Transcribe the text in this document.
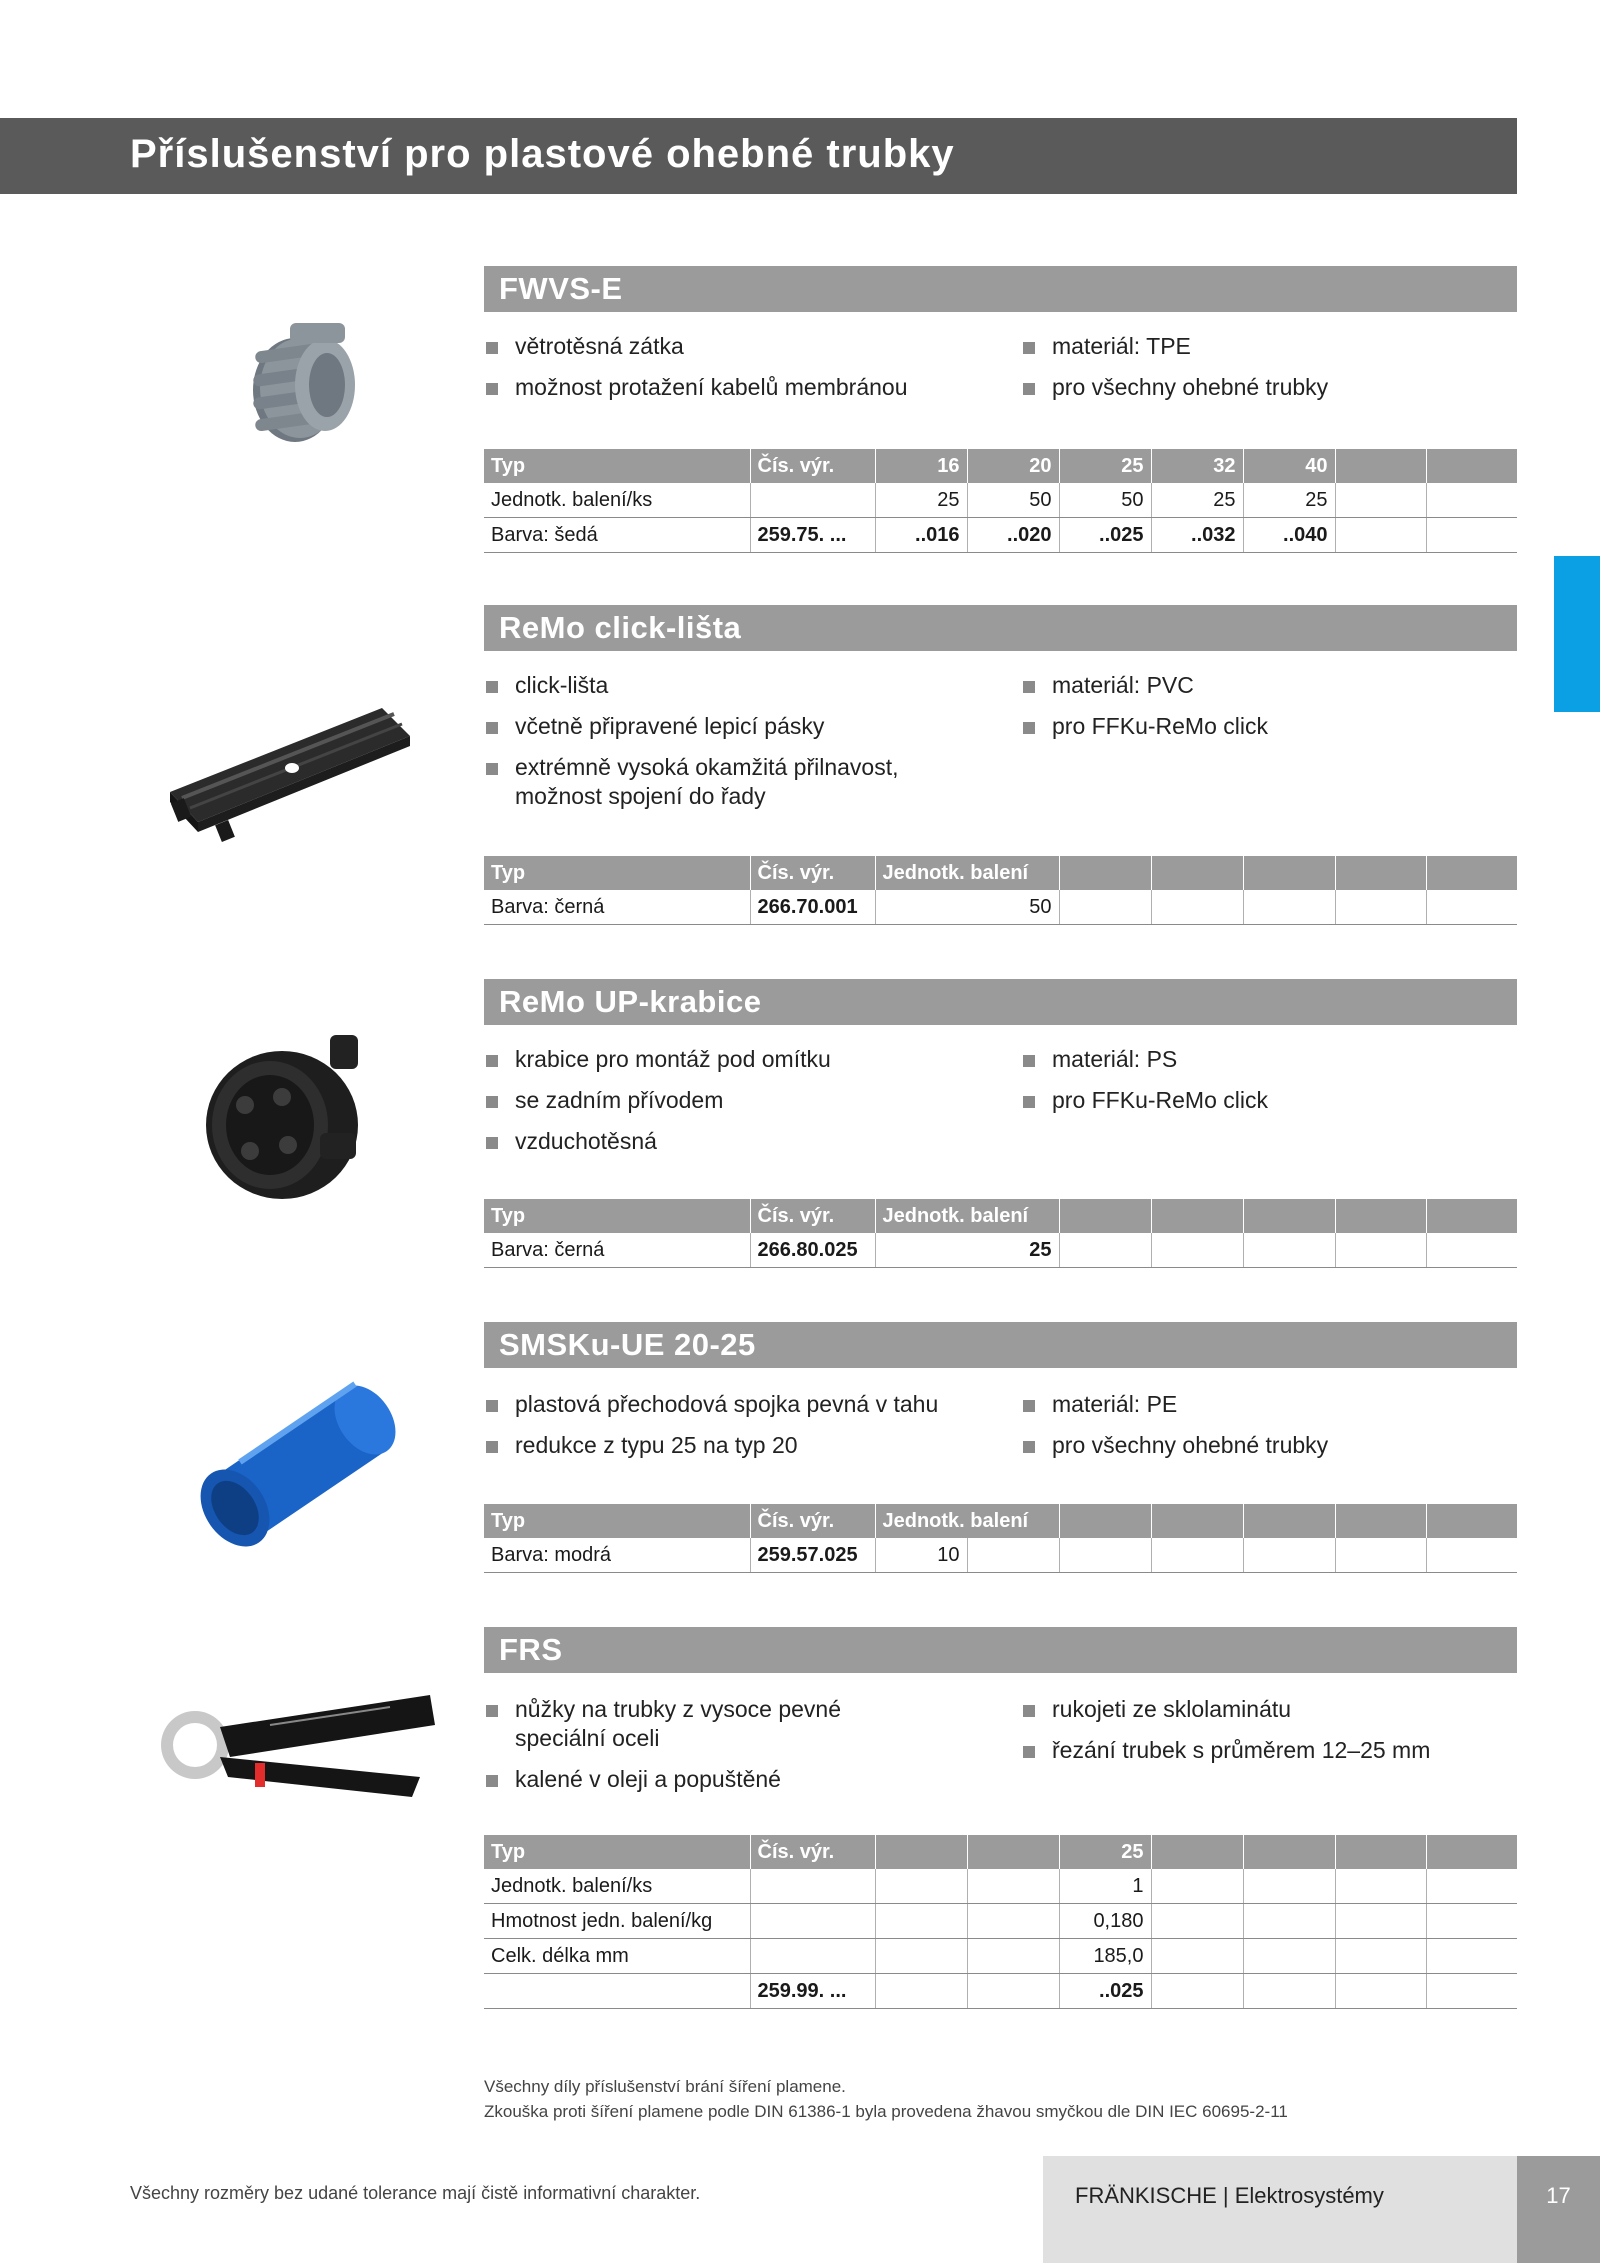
Příslušenství pro plastové ohebné trubky
FWVS-E
větrotěsná zátka
možnost protažení kabelů membránou
materiál: TPE
pro všechny ohebné trubky
Typ	Čís. výr.	16	20	25	32	40		
Jednotk. balení/ks		25	50	50	25	25		
Barva: šedá	259.75. ...	..016	..020	..025	..032	..040		
ReMo click-lišta
click-lišta
včetně připravené lepicí pásky
extrémně vysoká okamžitá přilnavost, možnost spojení do řady
materiál: PVC
pro FFKu-ReMo click
Typ	Čís. výr.	Jednotk. balení					
Barva: černá	266.70.001	50					
ReMo UP-krabice
krabice pro montáž pod omítku
se zadním přívodem
vzduchotěsná
materiál: PS
pro FFKu-ReMo click
Typ	Čís. výr.	Jednotk. balení					
Barva: černá	266.80.025	25					
SMSKu-UE 20-25
plastová přechodová spojka pevná v tahu
redukce z typu 25 na typ 20
materiál: PE
pro všechny ohebné trubky
Typ	Čís. výr.	Jednotk. balení						
Barva: modrá	259.57.025	10						
FRS
nůžky na trubky z vysoce pevné speciální oceli
kalené v oleji a popuštěné
rukojeti ze sklolaminátu
řezání trubek s průměrem 12–25 mm
Typ	Čís. výr.			25				
Jednotk. balení/ks				1				
Hmotnost jedn. balení/kg				0,180				
Celk. délka mm				185,0				
	259.99. ...			..025				
Všechny díly příslušenství brání šíření plamene.
Zkouška proti šíření plamene podle DIN 61386-1 byla provedena žhavou smyčkou dle DIN IEC 60695-2-11
Všechny rozměry bez udané tolerance mají čistě informativní charakter.	FRÄNKISCHE | Elektrosystémy	17
